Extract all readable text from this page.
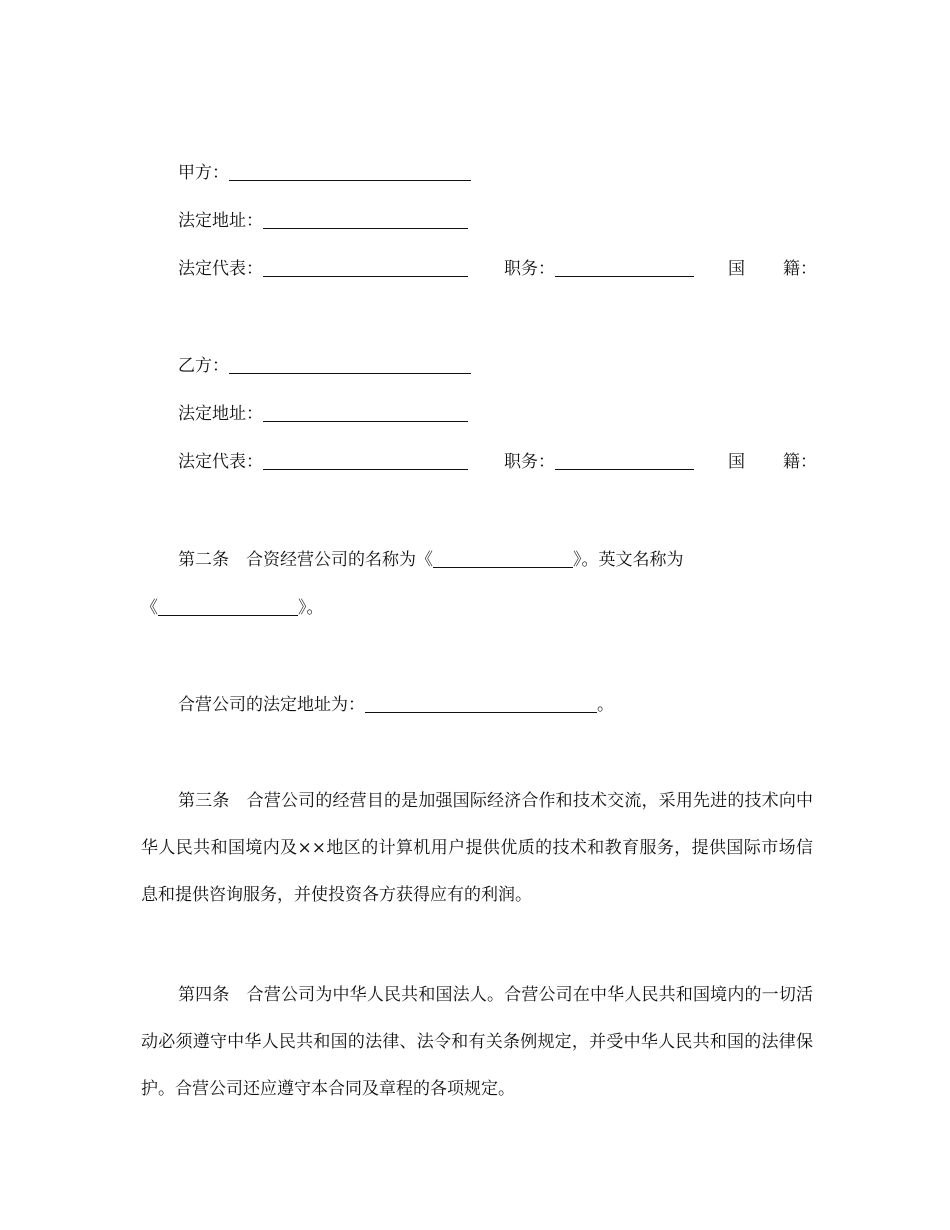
甲方：
法定地址：
法定代表：	职务：	国 籍：
乙方：
法定地址：
法定代表：	职务：	国 籍：
第二条　合资经营公司的名称为《	》。英文名称为
《	》。
合营公司的法定地址为：	。
第三条　合营公司的经营目的是加强国际经济合作和技术交流，采用先进的技术向中华人民共和国境内及××地区的计算机用户提供优质的技术和教育服务，提供国际市场信息和提供咨询服务，并使投资各方获得应有的利润。
第四条　合营公司为中华人民共和国法人。合营公司在中华人民共和国境内的一切活动必须遵守中华人民共和国的法律、法令和有关条例规定，并受中华人民共和国的法律保护。合营公司还应遵守本合同及章程的各项规定。
